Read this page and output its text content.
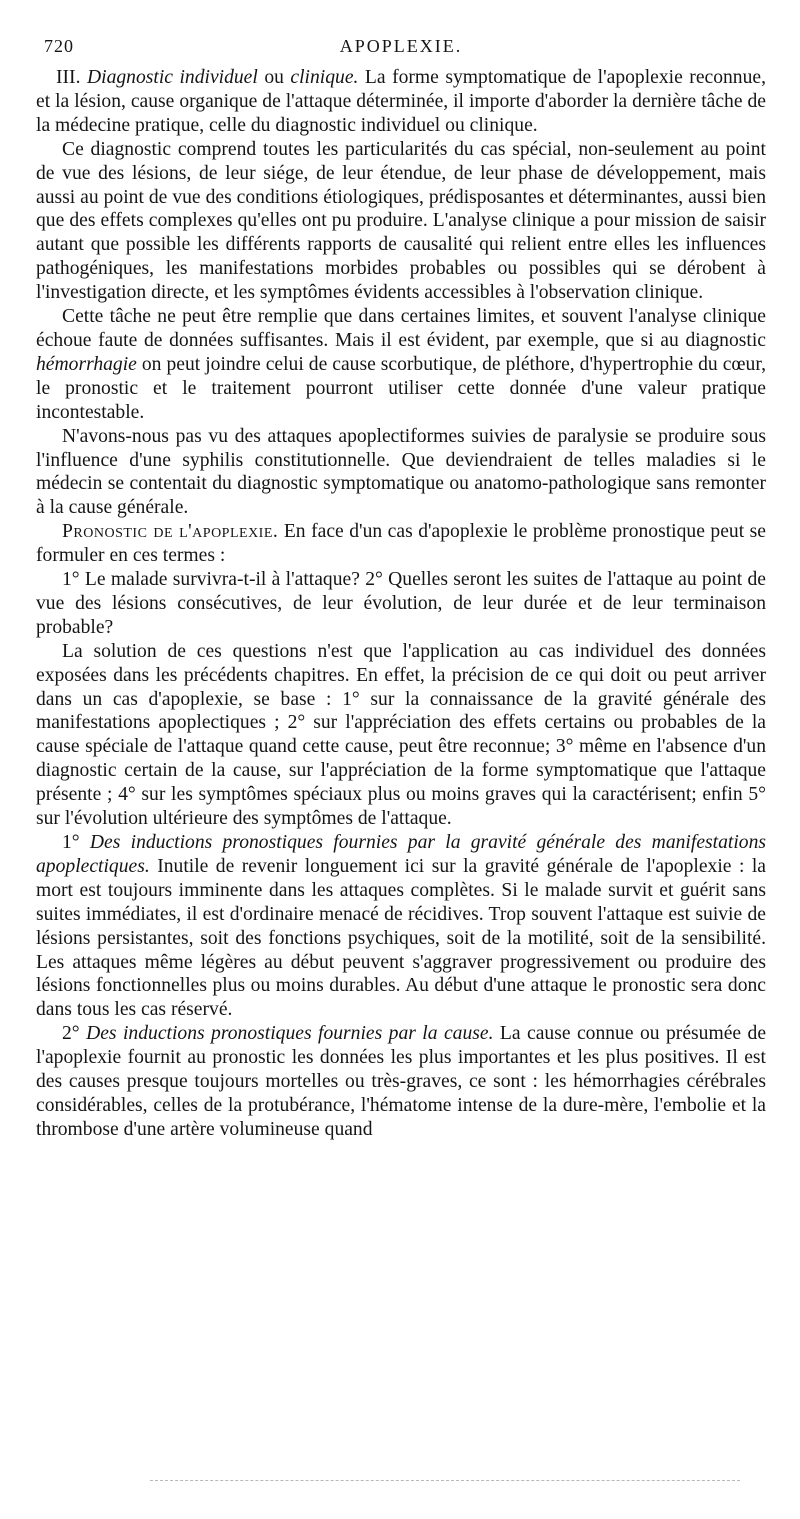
720	APOPLEXIE.

III. Diagnostic individuel ou clinique. La forme symptomatique de l'apoplexie reconnue, et la lésion, cause organique de l'attaque déterminée, il importe d'aborder la dernière tâche de la médecine pratique, celle du diagnostic individuel ou clinique.

Ce diagnostic comprend toutes les particularités du cas spécial, non-seulement au point de vue des lésions, de leur siége, de leur étendue, de leur phase de développement, mais aussi au point de vue des conditions étiologiques, prédisposantes et déterminantes, aussi bien que des effets complexes qu'elles ont pu produire. L'analyse clinique a pour mission de saisir autant que possible les différents rapports de causalité qui relient entre elles les influences pathogéniques, les manifestations morbides probables ou possibles qui se dérobent à l'investigation directe, et les symptômes évidents accessibles à l'observation clinique.

Cette tâche ne peut être remplie que dans certaines limites, et souvent l'analyse clinique échoue faute de données suffisantes. Mais il est évident, par exemple, que si au diagnostic hémorrhagie on peut joindre celui de cause scorbutique, de pléthore, d'hypertrophie du cœur, le pronostic et le traitement pourront utiliser cette donnée d'une valeur pratique incontestable.

N'avons-nous pas vu des attaques apoplectiformes suivies de paralysie se produire sous l'influence d'une syphilis constitutionnelle. Que deviendraient de telles maladies si le médecin se contentait du diagnostic symptomatique ou anatomo-pathologique sans remonter à la cause générale.

Pronostic de l'apoplexie. En face d'un cas d'apoplexie le problème pronostique peut se formuler en ces termes :

1° Le malade survivra-t-il à l'attaque? 2° Quelles seront les suites de l'attaque au point de vue des lésions consécutives, de leur évolution, de leur durée et de leur terminaison probable?

La solution de ces questions n'est que l'application au cas individuel des données exposées dans les précédents chapitres. En effet, la précision de ce qui doit ou peut arriver dans un cas d'apoplexie, se base : 1° sur la connaissance de la gravité générale des manifestations apoplectiques ; 2° sur l'appréciation des effets certains ou probables de la cause spéciale de l'attaque quand cette cause, peut être reconnue; 3° même en l'absence d'un diagnostic certain de la cause, sur l'appréciation de la forme symptomatique que l'attaque présente ; 4° sur les symptômes spéciaux plus ou moins graves qui la caractérisent; enfin 5° sur l'évolution ultérieure des symptômes de l'attaque.

1° Des inductions pronostiques fournies par la gravité générale des manifestations apoplectiques. Inutile de revenir longuement ici sur la gravité générale de l'apoplexie : la mort est toujours imminente dans les attaques complètes. Si le malade survit et guérit sans suites immédiates, il est d'ordinaire menacé de récidives. Trop souvent l'attaque est suivie de lésions persistantes, soit des fonctions psychiques, soit de la motilité, soit de la sensibilité. Les attaques même légères au début peuvent s'aggraver progressivement ou produire des lésions fonctionnelles plus ou moins durables. Au début d'une attaque le pronostic sera donc dans tous les cas réservé.

2° Des inductions pronostiques fournies par la cause. La cause connue ou présumée de l'apoplexie fournit au pronostic les données les plus importantes et les plus positives. Il est des causes presque toujours mortelles ou très-graves, ce sont : les hémorrhagies cérébrales considérables, celles de la protubérance, l'hématome intense de la dure-mère, l'embolie et la thrombose d'une artère volumineuse quand
